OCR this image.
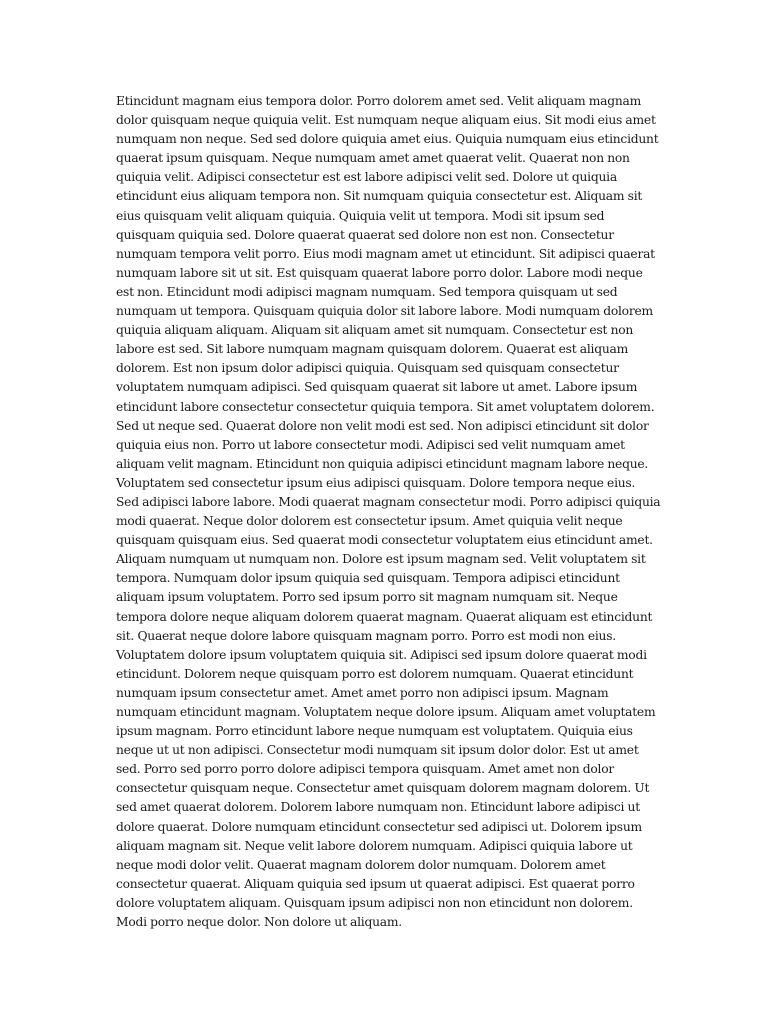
Etincidunt magnam eius tempora dolor. Porro dolorem amet sed. Velit aliquam magnam dolor quisquam neque quiquia velit. Est numquam neque aliquam eius. Sit modi eius amet numquam non neque. Sed sed dolore quiquia amet eius. Quiquia numquam eius etincidunt quaerat ipsum quisquam. Neque numquam amet amet quaerat velit. Quaerat non non quiquia velit. Adipisci consectetur est est labore adipisci velit sed. Dolore ut quiquia etincidunt eius aliquam tempora non. Sit numquam quiquia consectetur est. Aliquam sit eius quisquam velit aliquam quiquia. Quiquia velit ut tempora. Modi sit ipsum sed quisquam quiquia sed. Dolore quaerat quaerat sed dolore non est non. Consectetur numquam tempora velit porro. Eius modi magnam amet ut etincidunt. Sit adipisci quaerat numquam labore sit ut sit. Est quisquam quaerat labore porro dolor. Labore modi neque est non. Etincidunt modi adipisci magnam numquam. Sed tempora quisquam ut sed numquam ut tempora. Quisquam quiquia dolor sit labore labore. Modi numquam dolorem quiquia aliquam aliquam. Aliquam sit aliquam amet sit numquam. Consectetur est non labore est sed. Sit labore numquam magnam quisquam dolorem. Quaerat est aliquam dolorem. Est non ipsum dolor adipisci quiquia. Quisquam sed quisquam consectetur voluptatem numquam adipisci. Sed quisquam quaerat sit labore ut amet. Labore ipsum etincidunt labore consectetur consectetur quiquia tempora. Sit amet voluptatem dolorem. Sed ut neque sed. Quaerat dolore non velit modi est sed. Non adipisci etincidunt sit dolor quiquia eius non. Porro ut labore consectetur modi. Adipisci sed velit numquam amet aliquam velit magnam. Etincidunt non quiquia adipisci etincidunt magnam labore neque. Voluptatem sed consectetur ipsum eius adipisci quisquam. Dolore tempora neque eius. Sed adipisci labore labore. Modi quaerat magnam consectetur modi. Porro adipisci quiquia modi quaerat. Neque dolor dolorem est consectetur ipsum. Amet quiquia velit neque quisquam quisquam eius. Sed quaerat modi consectetur voluptatem eius etincidunt amet. Aliquam numquam ut numquam non. Dolore est ipsum magnam sed. Velit voluptatem sit tempora. Numquam dolor ipsum quiquia sed quisquam. Tempora adipisci etincidunt aliquam ipsum voluptatem. Porro sed ipsum porro sit magnam numquam sit. Neque tempora dolore neque aliquam dolorem quaerat magnam. Quaerat aliquam est etincidunt sit. Quaerat neque dolore labore quisquam magnam porro. Porro est modi non eius. Voluptatem dolore ipsum voluptatem quiquia sit. Adipisci sed ipsum dolore quaerat modi etincidunt. Dolorem neque quisquam porro est dolorem numquam. Quaerat etincidunt numquam ipsum consectetur amet. Amet amet porro non adipisci ipsum. Magnam numquam etincidunt magnam. Voluptatem neque dolore ipsum. Aliquam amet voluptatem ipsum magnam. Porro etincidunt labore neque numquam est voluptatem. Quiquia eius neque ut ut non adipisci. Consectetur modi numquam sit ipsum dolor dolor. Est ut amet sed. Porro sed porro porro dolore adipisci tempora quisquam. Amet amet non dolor consectetur quisquam neque. Consectetur amet quisquam dolorem magnam dolorem. Ut sed amet quaerat dolorem. Dolorem labore numquam non. Etincidunt labore adipisci ut dolore quaerat. Dolore numquam etincidunt consectetur sed adipisci ut. Dolorem ipsum aliquam magnam sit. Neque velit labore dolorem numquam. Adipisci quiquia labore ut neque modi dolor velit. Quaerat magnam dolorem dolor numquam. Dolorem amet consectetur quaerat. Aliquam quiquia sed ipsum ut quaerat adipisci. Est quaerat porro dolore voluptatem aliquam. Quisquam ipsum adipisci non non etincidunt non dolorem. Modi porro neque dolor. Non dolore ut aliquam.
